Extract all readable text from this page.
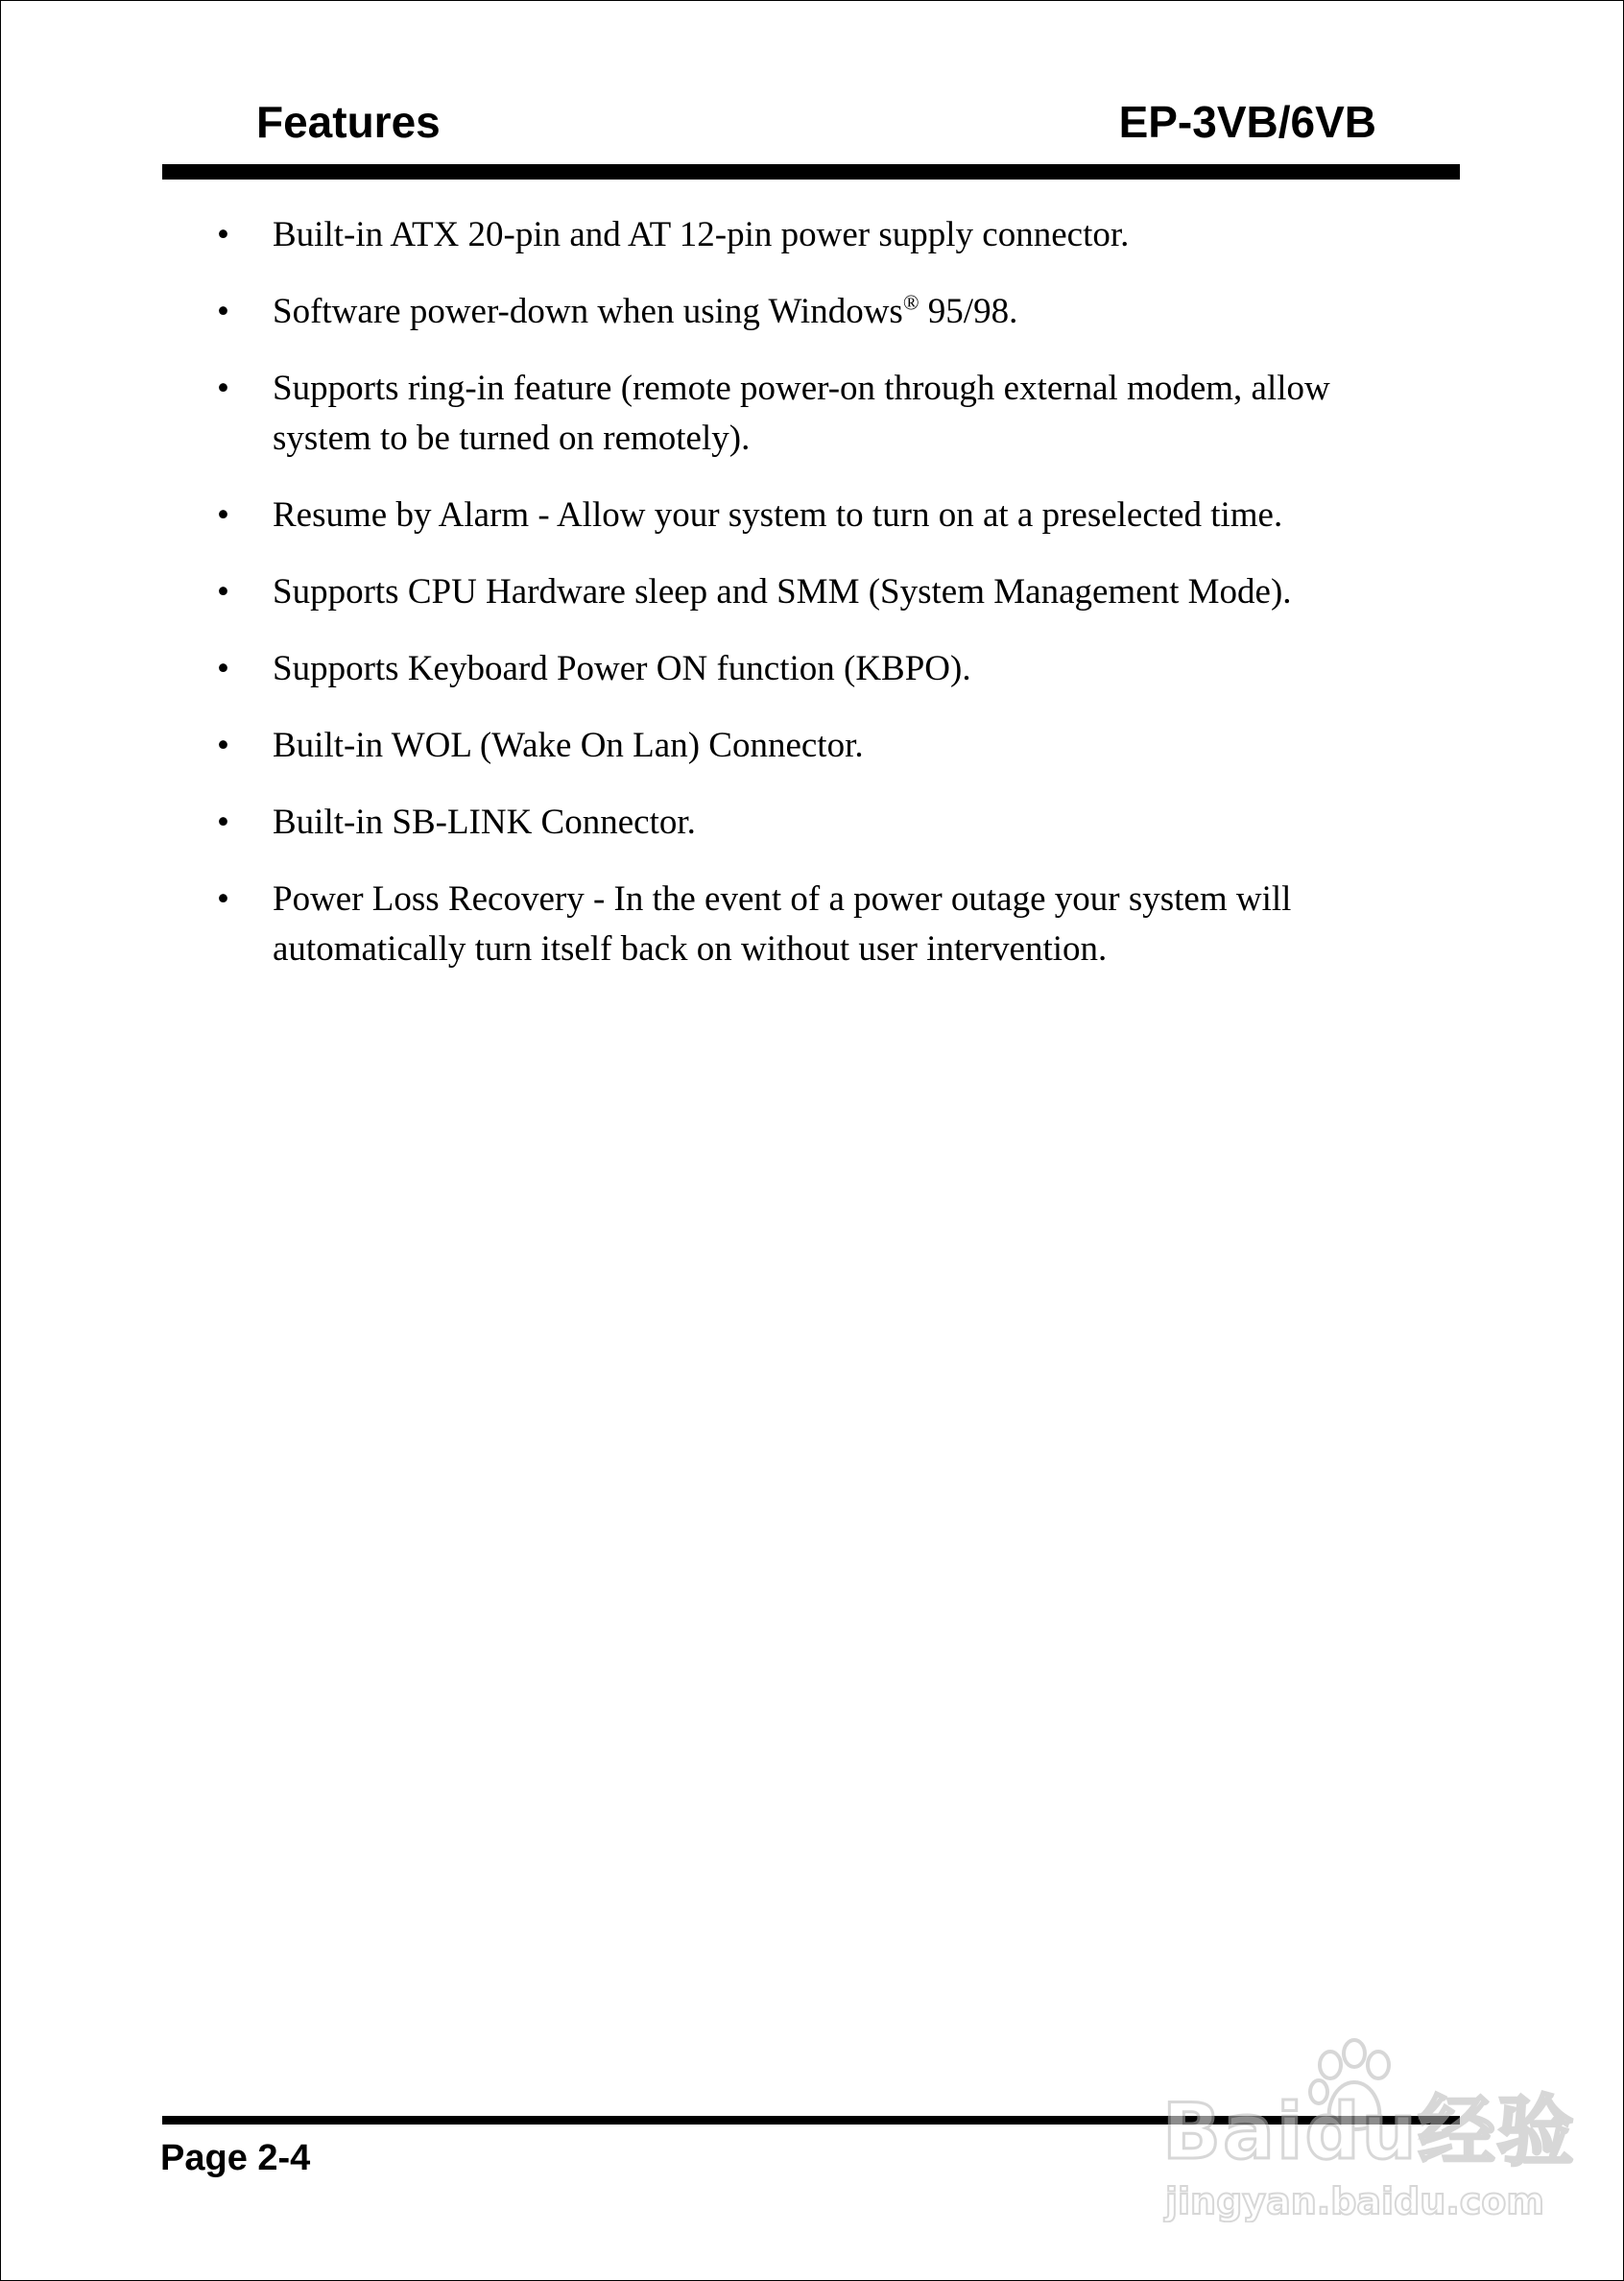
Features	EP-3VB/6VB
• Built-in ATX 20-pin and AT 12-pin power supply connector.
• Software power-down when using Windows® 95/98.
• Supports ring-in feature (remote power-on through external modem, allow system to be turned on remotely).
• Resume by Alarm - Allow your system to turn on at a preselected time.
• Supports CPU Hardware sleep and SMM (System Management Mode).
• Supports Keyboard Power ON function (KBPO).
• Built-in WOL (Wake On Lan) Connector.
• Built-in SB-LINK Connector.
• Power Loss Recovery - In the event of a power outage your system will automatically turn itself back on without user intervention.
Page 2-4	Baidu经验
jingyan.baidu.com
